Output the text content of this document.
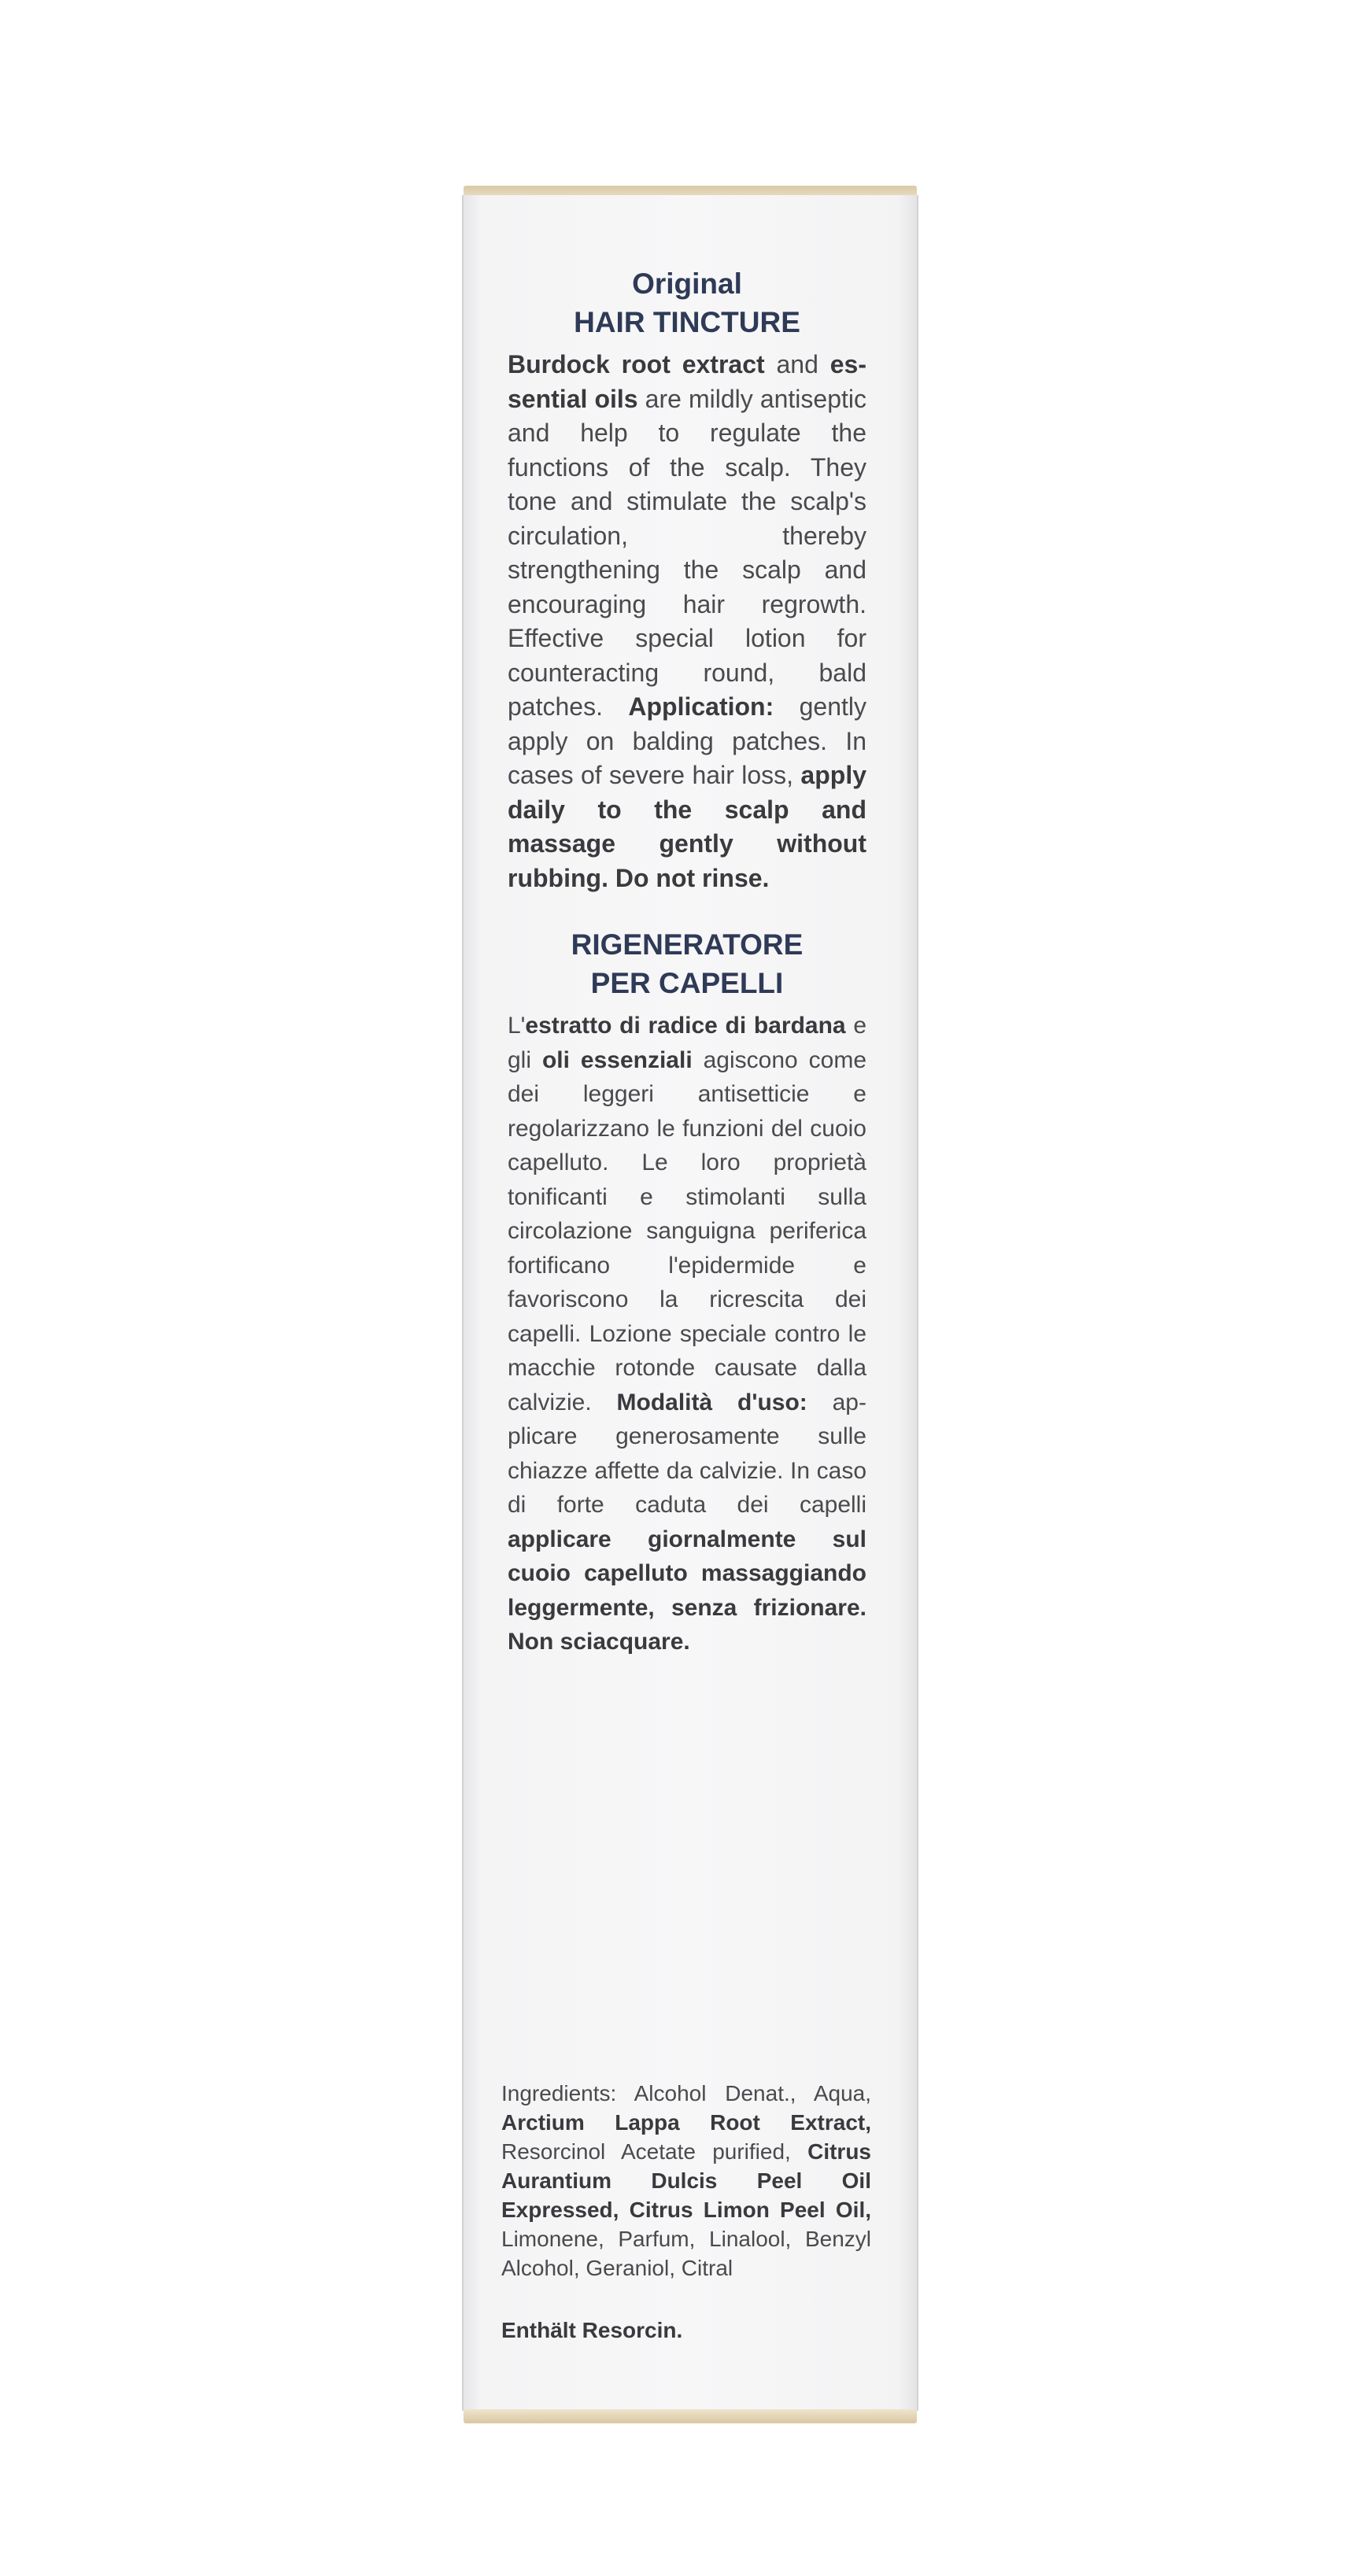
Original
HAIR TINCTURE

Burdock root extract and essential oils are mildly antiseptic and help to regulate the functions of the scalp. They tone and stimulate the scalp's circulation, thereby strengthening the scalp and encouraging hair regrowth. Effective special lotion for counteracting round, bald patches. Application: gently apply on balding patches. In cases of severe hair loss, apply daily to the scalp and massage gently without rubbing. Do not rinse.

RIGENERATORE
PER CAPELLI

L'estratto di radice di bardana e gli oli essenziali agiscono come dei leggeri antisetticie e regolarizzano le funzioni del cuoio capelluto. Le loro proprietà tonificanti e stimolanti sulla circolazione sanguigna periferica fortificano l'epidermide e favoriscono la ricrescita dei capelli. Lozione speciale contro le macchie rotonde causate dalla calvizie. Modalità d'uso: applicare generosamente sulle chiazze affette da calvizie. In caso di forte caduta dei capelli applicare giornalmente sul cuoio capelluto massaggiando leggermente, senza frizionare. Non sciacquare.

Ingredients: Alcohol Denat., Aqua, Arctium Lappa Root Extract, Resorcinol Acetate purified, Citrus Aurantium Dulcis Peel Oil Expressed, Citrus Limon Peel Oil, Limonene, Parfum, Linalool, Benzyl Alcohol, Geraniol, Citral

Enthält Resorcin.
